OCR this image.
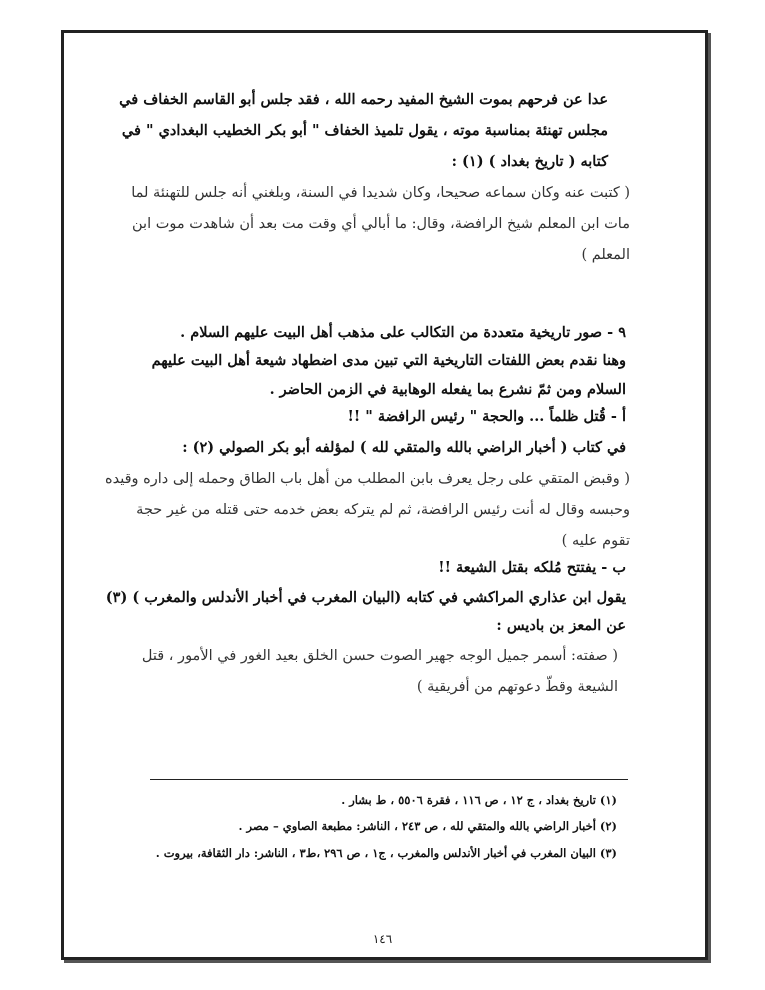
عدا عن فرحهم بموت الشيخ المفيد رحمه الله ، فقد جلس أبو القاسم الخفاف في
مجلس تهنئة بمناسبة موته ، يقول تلميذ الخفاف " أبو بكر الخطيب البغدادي " في
كتابه ( تاريخ بغداد ) (١) :
( كتبت عنه وكان سماعه صحيحا، وكان شديدا في السنة، وبلغني أنه جلس للتهنئة لما
مات ابن المعلم شيخ الرافضة، وقال: ما أبالي أي وقت مت بعد أن شاهدت موت ابن
المعلم )
٩ - صور تاريخية متعددة من التكالب على مذهب أهل البيت عليهم السلام .
وهنا نقدم بعض اللفتات التاريخية التي تبين مدى اضطهاد شيعة أهل البيت عليهم
السلام ومن ثمّ نشرع بما يفعله الوهابية في الزمن الحاضر .
أ - قُتل ظلماً ... والحجة " رئيس الرافضة " !!
في كتاب ( أخبار الراضي بالله والمتقي لله ) لمؤلفه أبو بكر الصولي (٢) :
( وقبض المتقي على رجل يعرف بابن المطلب من أهل باب الطاق وحمله إلى داره وقيده
وحبسه وقال له أنت رئيس الرافضة، ثم لم يتركه بعض خدمه حتى قتله من غير حجة
تقوم عليه )
ب - يفتتح مُلكه بقتل الشيعة !!
يقول ابن عذاري المراكشي في كتابه (البيان المغرب في أخبار الأندلس والمغرب ) (٣)
عن المعز بن باديس :
( صفته: أسمر جميل الوجه جهير الصوت حسن الخلق بعيد الغور في الأمور ، قتل
الشيعة وقطّ دعوتهم من أفريقية )
(١) تاريخ بغداد ، ج ١٢ ، ص ١١٦ ، فقرة ٥٥٠٦ ، ط بشار .
(٢) أخبار الراضي بالله والمتقي لله ، ص ٢٤٣ ، الناشر: مطبعة الصاوي – مصر .
(٣) البيان المغرب في أخبار الأندلس والمغرب ، ج١ ، ص ٢٩٦ ،ط٣ ، الناشر: دار الثقافة، بيروت .
١٤٦
